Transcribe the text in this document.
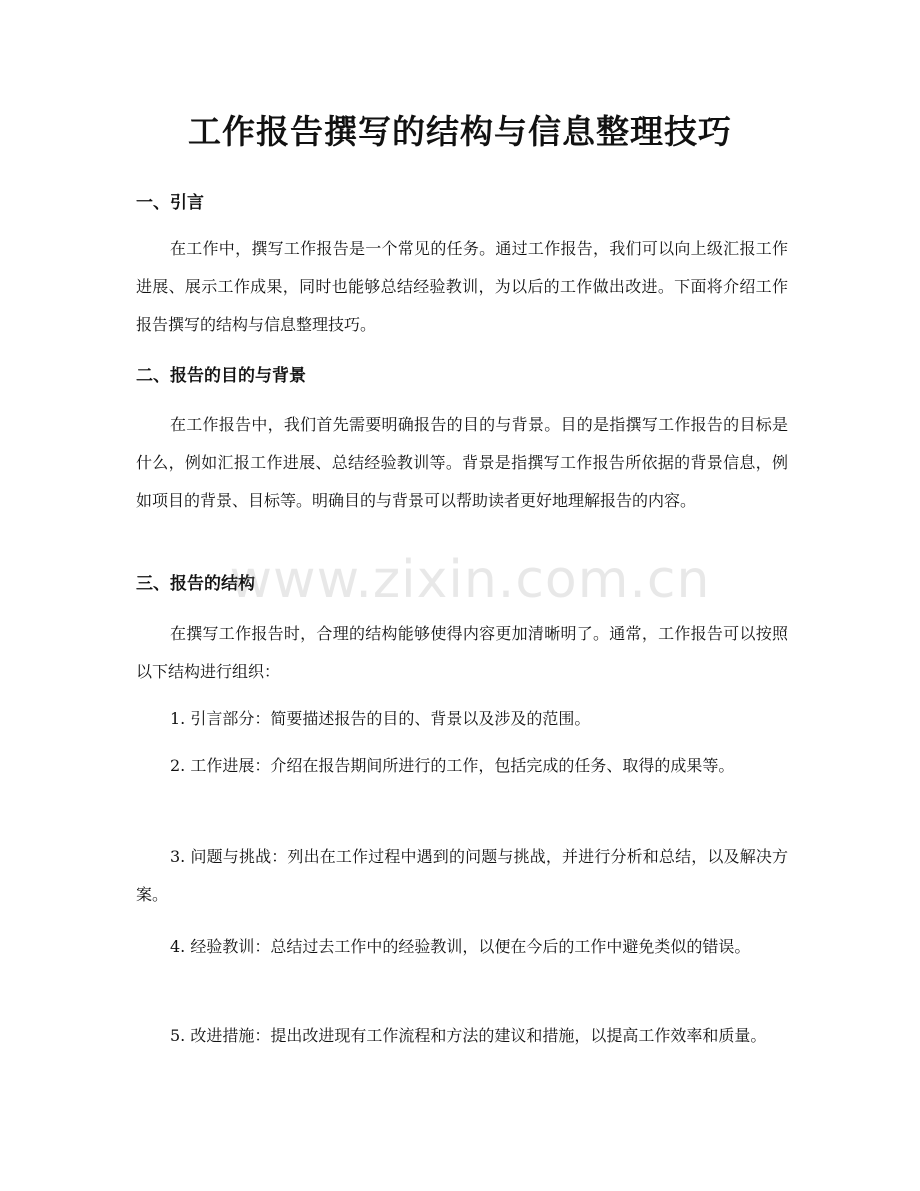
工作报告撰写的结构与信息整理技巧
一、引言

在工作中，撰写工作报告是一个常见的任务。通过工作报告，我们可以向上级汇报工作进展、展示工作成果，同时也能够总结经验教训，为以后的工作做出改进。下面将介绍工作报告撰写的结构与信息整理技巧。

二、报告的目的与背景

在工作报告中，我们首先需要明确报告的目的与背景。目的是指撰写工作报告的目标是什么，例如汇报工作进展、总结经验教训等。背景是指撰写工作报告所依据的背景信息，例如项目的背景、目标等。明确目的与背景可以帮助读者更好地理解报告的内容。

三、报告的结构

在撰写工作报告时，合理的结构能够使得内容更加清晰明了。通常，工作报告可以按照以下结构进行组织：

1. 引言部分：简要描述报告的目的、背景以及涉及的范围。

2. 工作进展：介绍在报告期间所进行的工作，包括完成的任务、取得的成果等。

3. 问题与挑战：列出在工作过程中遇到的问题与挑战，并进行分析和总结，以及解决方案。

4. 经验教训：总结过去工作中的经验教训，以便在今后的工作中避免类似的错误。

5. 改进措施：提出改进现有工作流程和方法的建议和措施，以提高工作效率和质量。

www.zixin.com.cn
